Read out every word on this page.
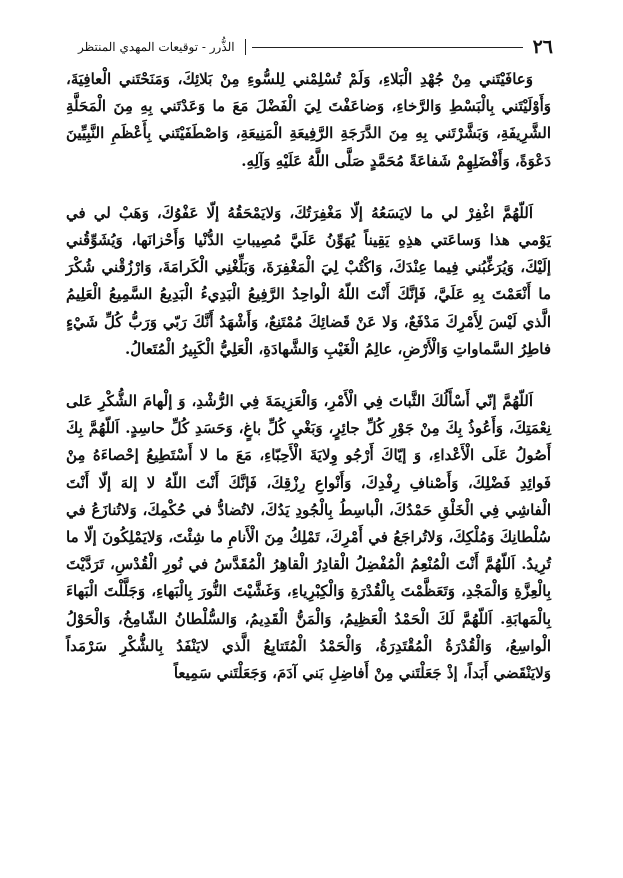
٢٦
الذُّرر - توقيعات المهدي المنتظر

وَعافَيْتَني مِنْ جُهْدِ الْبَلاءِ، وَلَمْ تُسْلِمْني لِلسُّوءِ مِنْ بَلائِكَ، وَمَنَحْتَني الْعافِيَةَ، وَأَوْلَيْتَني بِالْبَسْطِ وَالرَّخاءِ، وَضاعَفْتَ لِيَ الْفَضْلَ مَعَ ما وَعَدْتَني بِهِ مِنَ الْمَحَلَّةِ الشَّرِيفَةِ، وَبَشَّرْتَني بِهِ مِنَ الدَّرَجَةِ الرَّفِيعَةِ الْمَنِيعَةِ، وَاصْطَفَيْتَني بِأَعْظَمِ النَّبِيِّينَ دَعْوَةً، وَأَفْضَلِهِمْ شَفاعَةً مُحَمَّدٍ صَلَّى اللَّهُ عَلَيْهِ وَآلِهِ.

اَللّهُمَّ اغْفِرْ لي ما لايَسَعُهُ إلّا مَغْفِرَتُكَ، وَلايَمْحَقُهُ إلّا عَفْوُكَ، وَهَبْ لي في يَوْمي هذا وَساعَتي هذِهِ يَقِيناً يُهَوِّنُ عَلَيَّ مُصِيباتِ الدُّنْيا وَأَحْزانَها، وَيُشَوِّقُني إلَيْكَ، وَيُرَغِّبُني فِيما عِنْدَكَ، وَاكْتُبْ لِيَ الْمَغْفِرَةَ، وَبَلِّغْنِي الْكَرامَةَ، وَارْزُقْني شُكْرَ ما أَنْعَمْتَ بِهِ عَلَيَّ، فَإنَّكَ أَنْتَ اللّهُ الْواحِدُ الرَّفِيعُ الْبَدِيءُ الْبَدِيعُ السَّمِيعُ الْعَلِيمُ الَّذي لَيْسَ لِأَمْرِكَ مَدْفَعٌ، وَلا عَنْ قَضائِكَ مُمْتَنِعٌ، وَأَشْهَدُ أَنَّكَ رَبّي وَرَبُّ كُلِّ شَيْءٍ فاطِرُ السَّماواتِ وَالْأَرْضِ، عالِمُ الْغَيْبِ وَالشَّهادَةِ، الْعَلِيُّ الْكَبِيرُ الْمُتَعالُ.

اَللّهُمَّ إنّي أَسْأَلُكَ الثَّباتَ فِي الْأَمْرِ، وَالْعَزِيمَةَ فِي الرُّشْدِ، وَ إلْهامَ الشُّكْرِ عَلى نِعْمَتِكَ، وَأَعُوذُ بِكَ مِنْ جَوْرِ كُلِّ جائِرٍ، وَبَغْيِ كُلِّ باغٍ، وَحَسَدِ كُلِّ حاسِدٍ. اَللّهُمَّ بِكَ أَصُولُ عَلَى الْأَعْداءِ، وَ إيّاكَ أَرْجُو وِلايَةَ الْأَحِبّاءِ، مَعَ ما لا أَسْتَطِيعُ إحْصاءَهُ مِنْ فَوائِدِ فَضْلِكَ، وَأَصْنافِ رِفْدِكَ، وَأَنْواعِ رِزْقِكَ، فَإنَّكَ أَنْتَ اللّهُ لا إلهَ إلّا أَنْتَ الْفاشِي فِي الْخَلْقِ حَمْدُكَ، الْباسِطُ بِالْجُودِ يَدُكَ، لاتُضادُّ في حُكْمِكَ، وَلاتُنازَعُ في سُلْطانِكَ وَمُلْكِكَ، وَلاتُراجَعُ في أَمْرِكَ، تَمْلِكُ مِنَ الْأَنامِ ما شِئْتَ، وَلايَمْلِكُونَ إلّا ما تُرِيدُ. اَللّهُمَّ أَنْتَ الْمُنْعِمُ الْمُفْضِلُ الْقادِرُ الْقاهِرُ الْمُقَدَّسُ في نُورِ الْقُدْسِ، تَرَدَّيْتَ بِالْعِزَّةِ وَالْمَجْدِ، وَتَعَظَّمْتَ بِالْقُدْرَةِ وَالْكِبْرِياءِ، وَغَشَّيْتَ النُّورَ بِالْبَهاءِ، وَجَلَّلْتَ الْبَهاءَ بِالْمَهابَةِ. اَللّهُمَّ لَكَ الْحَمْدُ الْعَظِيمُ، وَالْمَنُّ الْقَدِيمُ، وَالسُّلْطانُ الشّامِخُ، وَالْحَوْلُ الْواسِعُ، وَالْقُدْرَةُ الْمُقْتَدِرَةُ، وَالْحَمْدُ الْمُتَتابِعُ الَّذي لايَنْفَدُ بِالشُّكْرِ سَرْمَداً وَلايَنْقَضي أَبَداً، إذْ جَعَلْتَني مِنْ أَفاضِلِ بَني آدَمَ، وَجَعَلْتَني سَمِيعاً
